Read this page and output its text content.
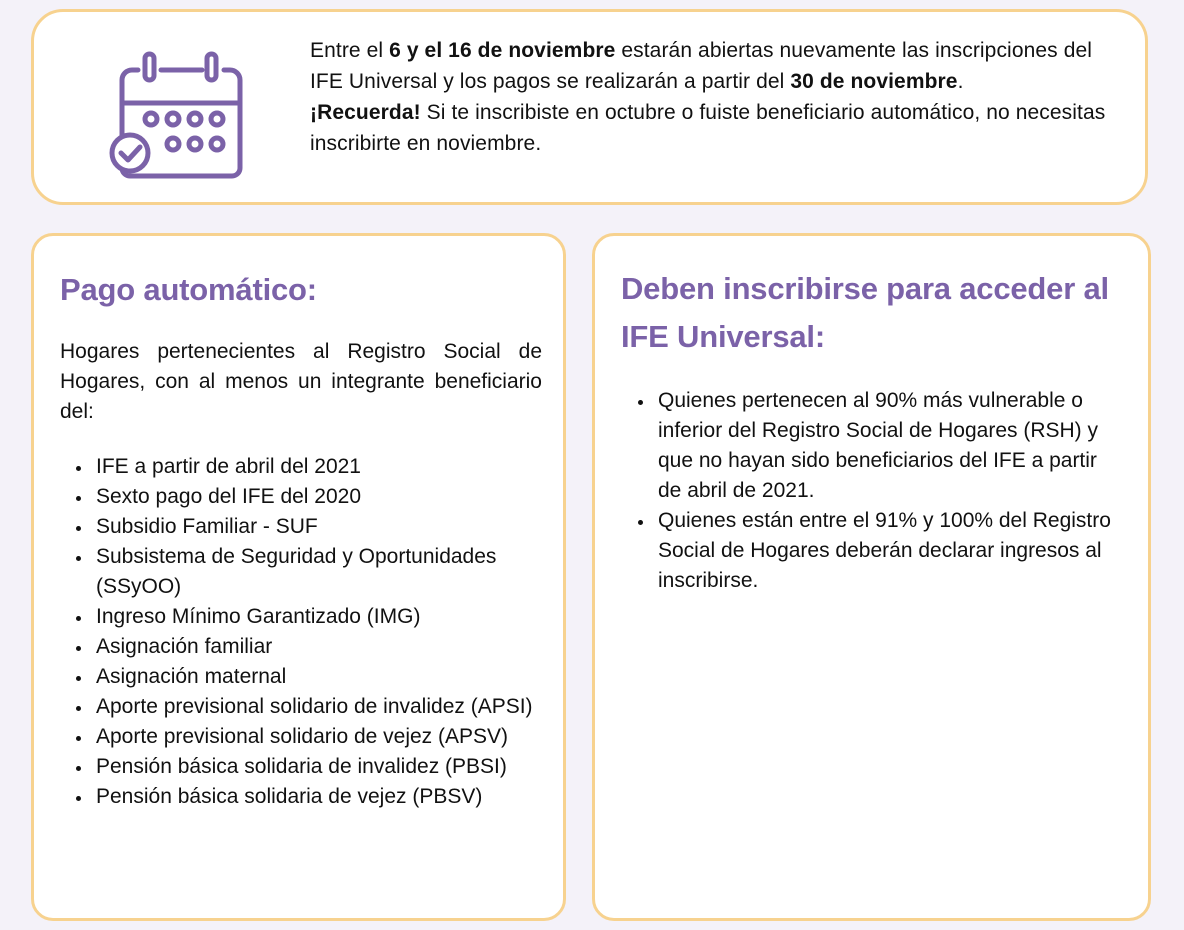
Entre el 6 y el 16 de noviembre estarán abiertas nuevamente las inscripciones del IFE Universal y los pagos se realizarán a partir del 30 de noviembre.
¡Recuerda! Si te inscribiste en octubre o fuiste beneficiario automático, no necesitas inscribirte en noviembre.
Pago automático:

Hogares pertenecientes al Registro Social de Hogares, con al menos un integrante beneficiario del:

IFE a partir de abril del 2021
Sexto pago del IFE del 2020
Subsidio Familiar - SUF
Subsistema de Seguridad y Oportunidades (SSyOO)
Ingreso Mínimo Garantizado (IMG)
Asignación familiar
Asignación maternal
Aporte previsional solidario de invalidez (APSI)
Aporte previsional solidario de vejez (APSV)
Pensión básica solidaria de invalidez (PBSI)
Pensión básica solidaria de vejez (PBSV)
Deben inscribirse para acceder al IFE Universal:
Quienes pertenecen al 90% más vulnerable o inferior del Registro Social de Hogares (RSH) y que no hayan sido beneficiarios del IFE a partir de abril de 2021.
Quienes están entre el 91% y 100% del Registro Social de Hogares deberán declarar ingresos al inscribirse.
